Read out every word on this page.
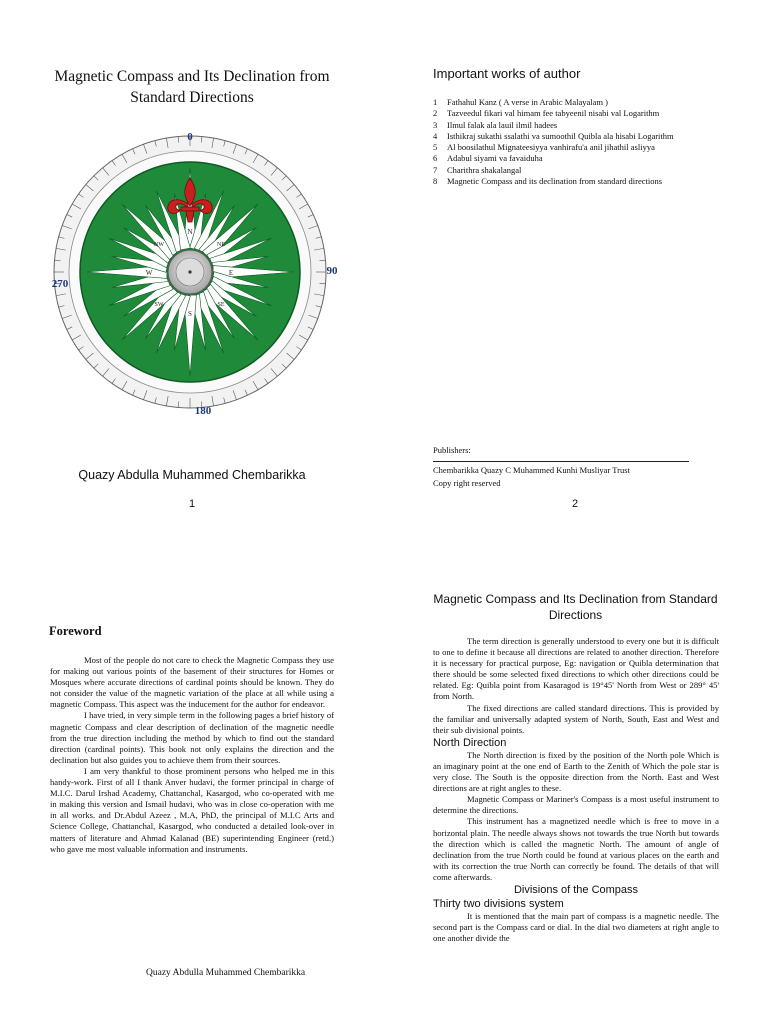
Magnetic Compass and Its Declination from Standard Directions
0
90
180
270
N
E
S
W
NE
NW
SE
SW
Quazy Abdulla Muhammed Chembarikka
1
Important works of author
1	Fathahul Kanz ( A verse in Arabic Malayalam )
2	Tazveedul fikari val himam fee tabyeenil nisabi val Logarithm
3	Ilmul falak ala lauil ilmil hadees
4	Isthikraj sukathi ssalathi va sumoothil Quibla ala hisabi Logarithm
5	Al boosilathul Mignateesiyya vanhirafu'a anil jihathil asliyya
6	Adabul siyami va favaiduha
7	Charithra shakalangal
8	Magnetic Compass and its declination from standard directions
Publishers:
Chembarikka Quazy C Muhammed Kunhi Musliyar Trust
Copy right reserved
2
Foreword

Most of the people do not care to check the Magnetic Compass they use for making out various points of the basement of their structures for Homes or Mosques where accurate directions of cardinal points should be known. They do not consider the value of the magnetic variation of the place at all while using a magnetic Compass. This aspect was the inducement for the author for endeavor.

I have tried, in very simple term in the following pages a brief history of magnetic Compass and clear description of declination of the magnetic needle from the true direction including the method by which to find out the standard direction (cardinal points). This book not only explains the direction and the declination but also guides you to achieve them from their sources.

I am very thankful to those prominent persons who helped me in this handy-work. First of all I thank Anver hudavi, the former principal in charge of M.I.C. Darul Irshad Academy, Chattanchal, Kasargod, who co-operated with me in making this version and Ismail hudavi, who was in close co-operation with me in all works. and Dr.Abdul Azeez , M.A, PhD, the principal of M.I.C Arts and Science College, Chattanchal, Kasargod, who conducted a detailed look-over in matters of literature and Ahmad Kalanad (BE) superintending Engineer (retd.) who gave me most valuable information and instruments.

Quazy Abdulla Muhammed Chembarikka
Magnetic Compass and Its Declination from Standard Directions

The term direction is generally understood to every one but it is difficult to one to define it because all directions are related to another direction. Therefore it is necessary for practical purpose, Eg: navigation or Quibla determination that there should be some selected fixed directions to which other directions could be related. Eg: Quibla point from Kasaragod is 19°45' North from West or 289° 45' from North.

The fixed directions are called standard directions. This is provided by the familiar and universally adapted system of North, South, East and West and their sub divisional points.

North Direction

The North direction is fixed by the position of the North pole Which is an imaginary point at the one end of Earth to the Zenith of Which the pole star is very close. The South is the opposite direction from the North. East and West directions are at right angles to these.

Magnetic Compass or Mariner's Compass is a most useful instrument to determine the directions.

This instrument has a magnetized needle which is free to move in a horizontal plain. The needle always shows not towards the true North but towards the direction which is called the magnetic North. The amount of angle of declination from the true North could be found at various places on the earth and with its correction the true North can correctly be found. The details of that will come afterwards.

Divisions of the Compass

Thirty two divisions system

It is mentioned that the main part of compass is a magnetic needle. The second part is the Compass card or dial. In the dial two diameters at right angle to one another divide the
